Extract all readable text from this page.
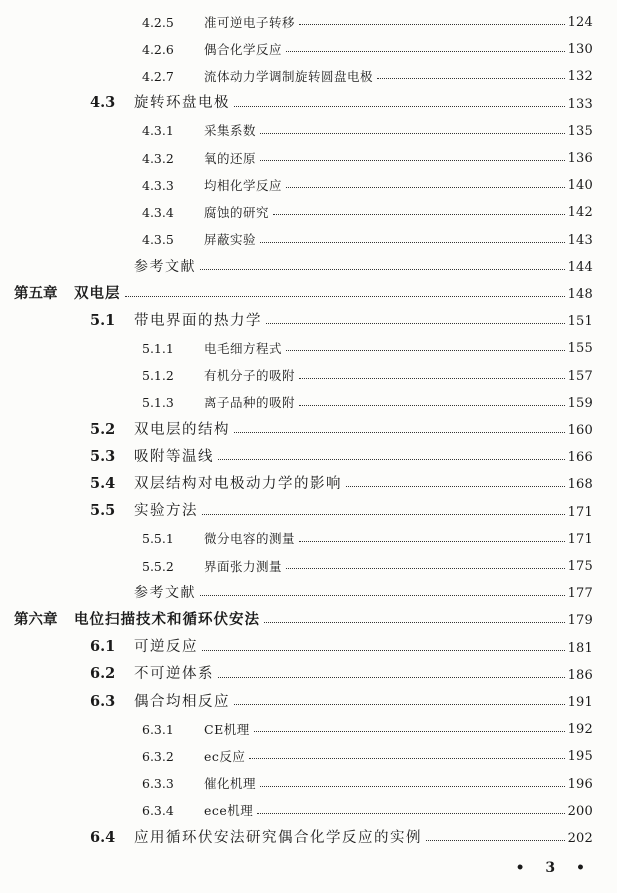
4.2.5	准可逆电子转移	124
4.2.6	偶合化学反应	130
4.2.7	流体动力学调制旋转圆盘电极	132
4.3	旋转环盘电极	133
4.3.1	采集系数	135
4.3.2	氧的还原	136
4.3.3	均相化学反应	140
4.3.4	腐蚀的研究	142
4.3.5	屏蔽实验	143
参考文献	144
第五章	双电层	148
5.1	带电界面的热力学	151
5.1.1	电毛细方程式	155
5.1.2	有机分子的吸附	157
5.1.3	离子品种的吸附	159
5.2	双电层的结构	160
5.3	吸附等温线	166
5.4	双层结构对电极动力学的影响	168
5.5	实验方法	171
5.5.1	微分电容的测量	171
5.5.2	界面张力测量	175
参考文献	177
第六章	电位扫描技术和循环伏安法	179
6.1	可逆反应	181
6.2	不可逆体系	186
6.3	偶合均相反应	191
6.3.1	CE机理	192
6.3.2	ec反应	195
6.3.3	催化机理	196
6.3.4	ece机理	200
6.4	应用循环伏安法研究偶合化学反应的实例	202
• 3 •
